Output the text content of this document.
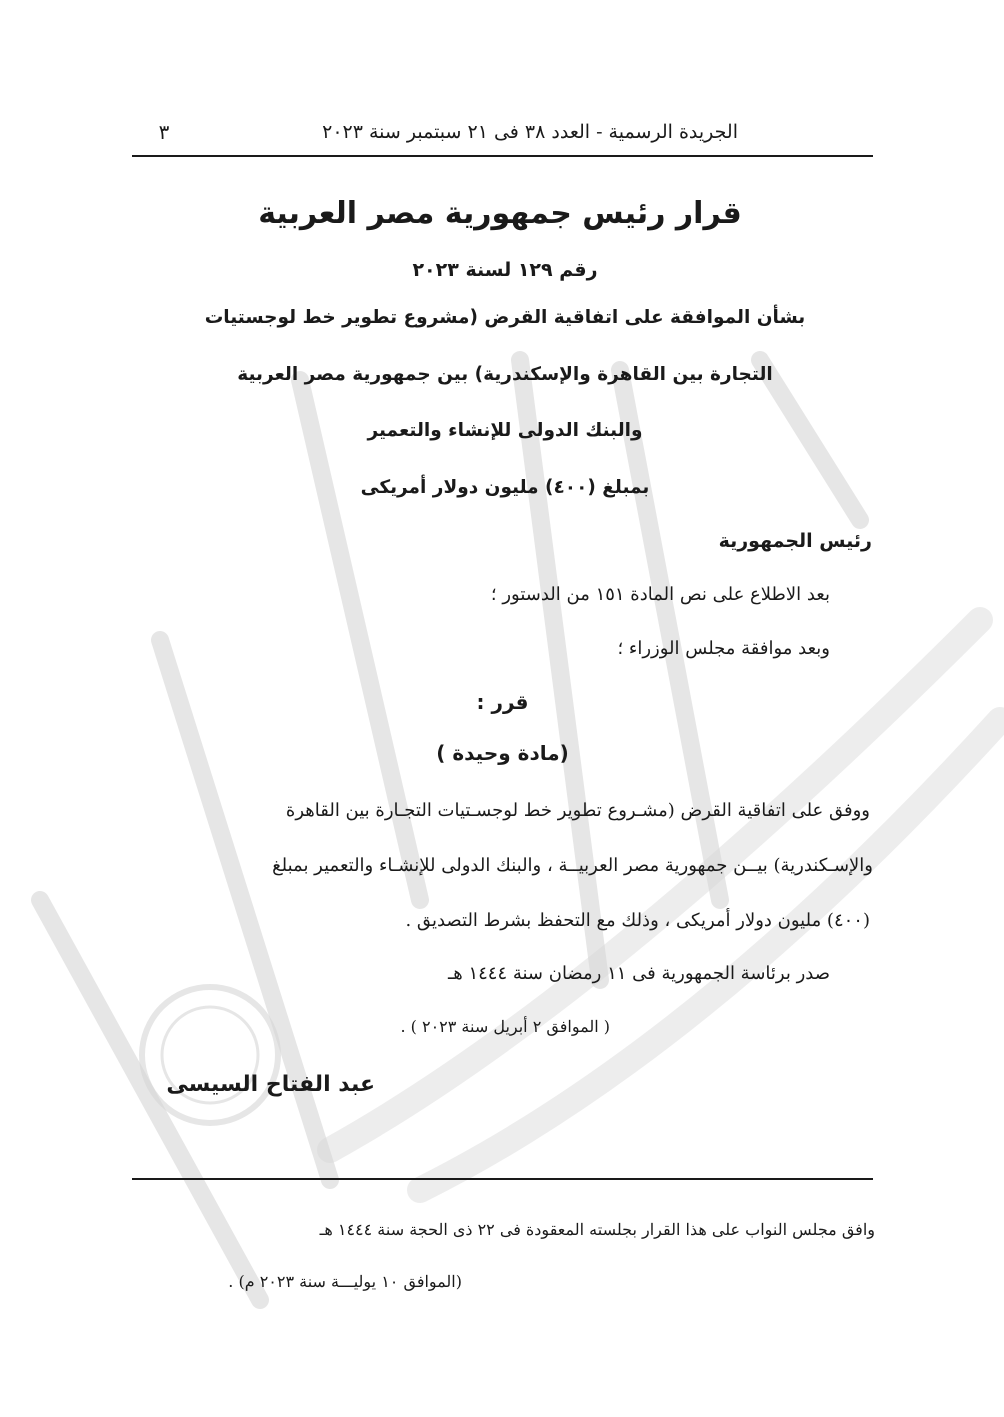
الجريدة الرسمية - العدد ٣٨ فى ٢١ سبتمبر سنة ٢٠٢٣
٣
قرار رئيس جمهورية مصر العربية
رقم ١٢٩ لسنة ٢٠٢٣
بشأن الموافقة على اتفاقية القرض (مشروع تطوير خط لوجستيات
التجارة بين القاهرة والإسكندرية) بين جمهورية مصر العربية
والبنك الدولى للإنشاء والتعمير
بمبلغ (٤٠٠) مليون دولار أمريكى
رئيس الجمهورية
بعد الاطلاع على نص المادة ١٥١ من الدستور ؛
وبعد موافقة مجلس الوزراء ؛
قرر :
(مادة وحيدة )
ووفق على اتفاقية القرض (مشـروع تطوير خط لوجسـتيات التجـارة بين القاهرة
والإسـكندرية) بيــن جمهورية مصر العربيــة ، والبنك الدولى للإنشـاء والتعمير بمبلغ
(٤٠٠) مليون دولار أمريكى ، وذلك مع التحفظ بشرط التصديق .
صدر برئاسة الجمهورية فى ١١ رمضان سنة ١٤٤٤ هـ
( الموافق ٢ أبريل سنة ٢٠٢٣ ) .
عبد الفتاح السيسى
وافق مجلس النواب على هذا القرار بجلسته المعقودة فى ٢٢ ذى الحجة سنة ١٤٤٤ هـ
(الموافق ١٠ يوليـــة سنة ٢٠٢٣ م) .
